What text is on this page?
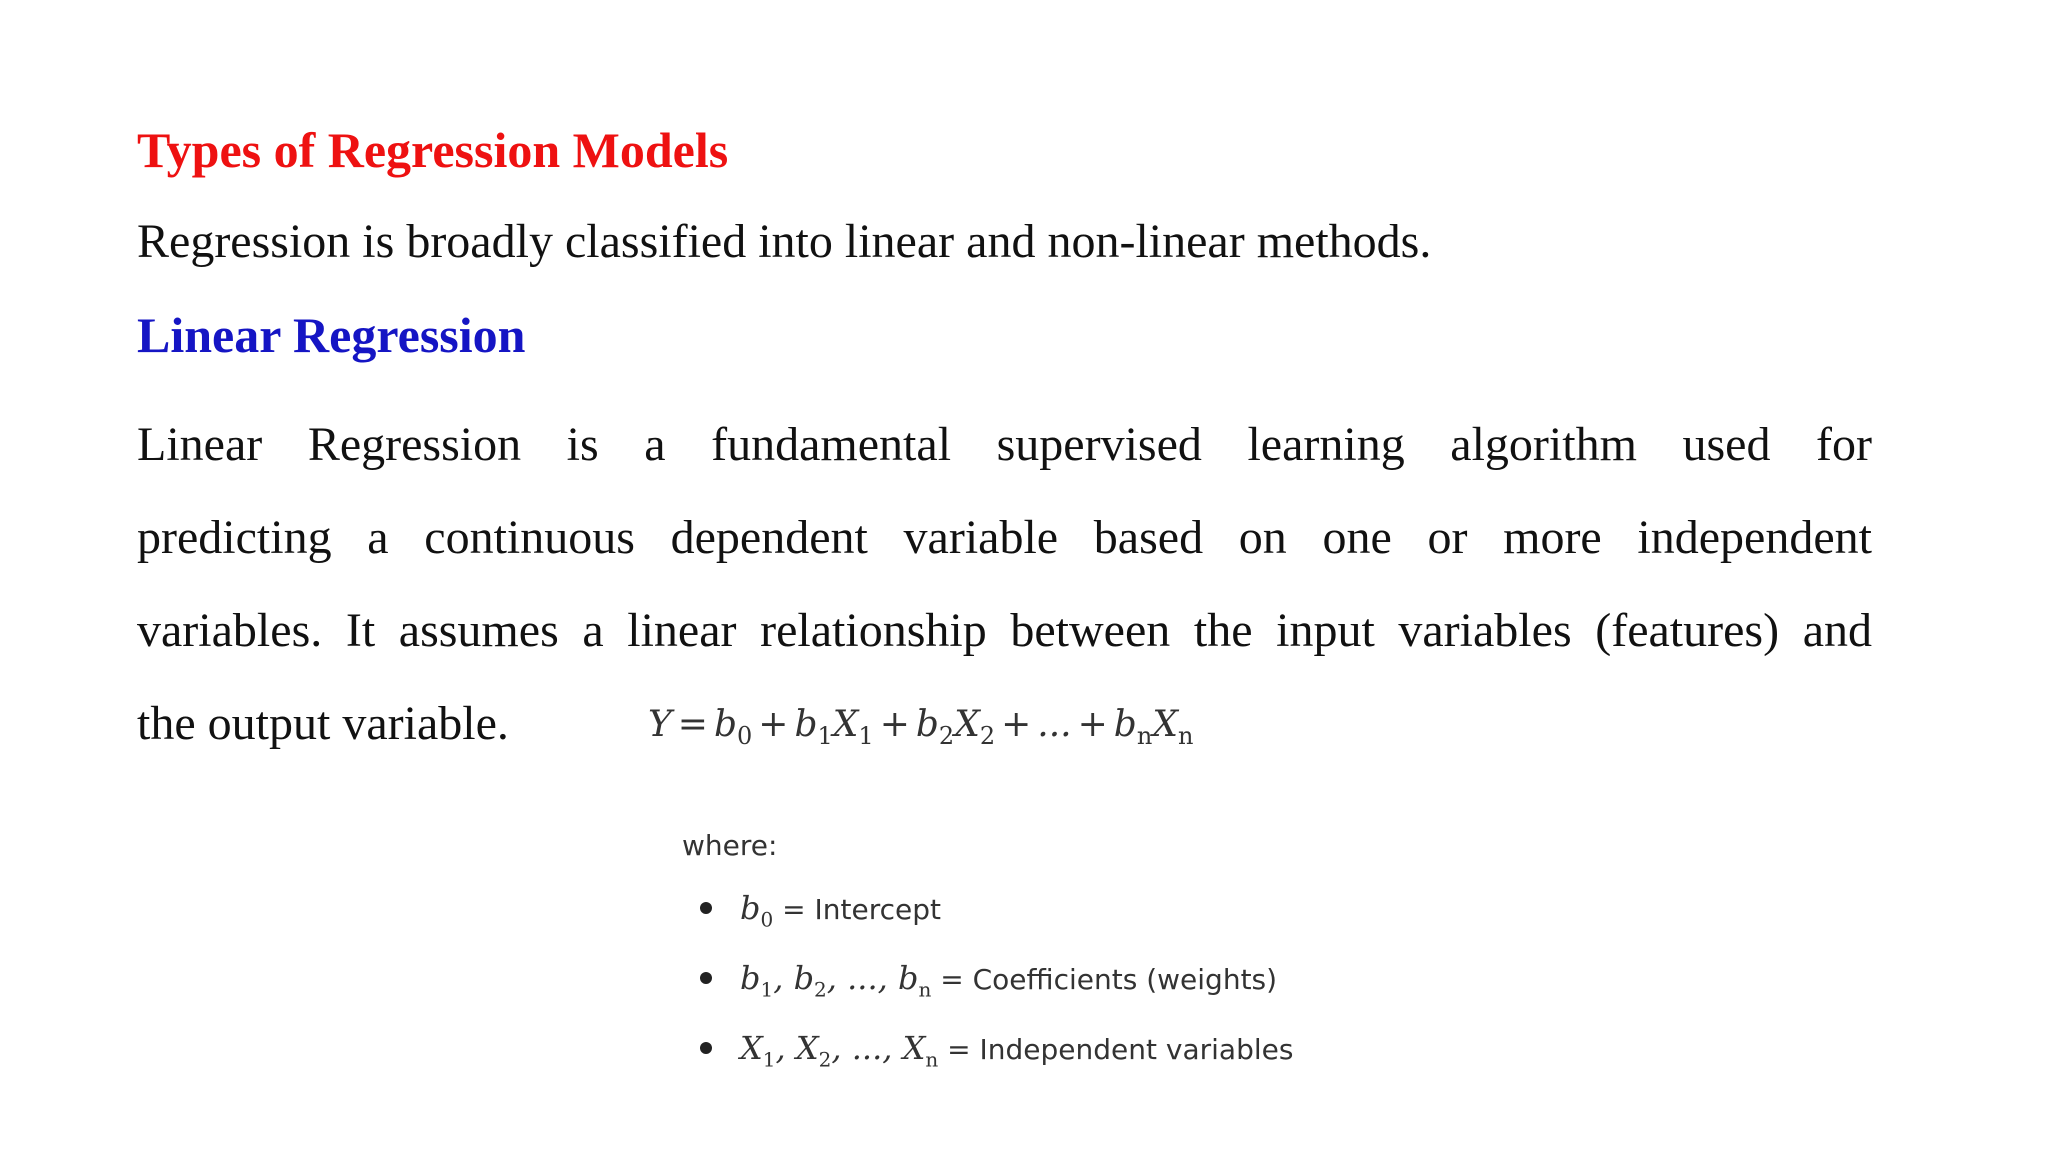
Types of Regression Models
Regression is broadly classified into linear and non-linear methods.
Linear Regression
Linear Regression is a fundamental supervised learning algorithm used for
predicting a continuous dependent variable based on one or more independent
variables. It assumes a linear relationship between the input variables (features) and
the output variable.	$Y = b_0 + b_1X_1 + b_2X_2$ + ... + $b_nX_n$
where:
$b_0$ = Intercept
$b_1$, $b_2$, ..., $b_n$ = Coefficients (weights)
$X_1$, $X_2$, ..., $X_n$ = Independent variables
